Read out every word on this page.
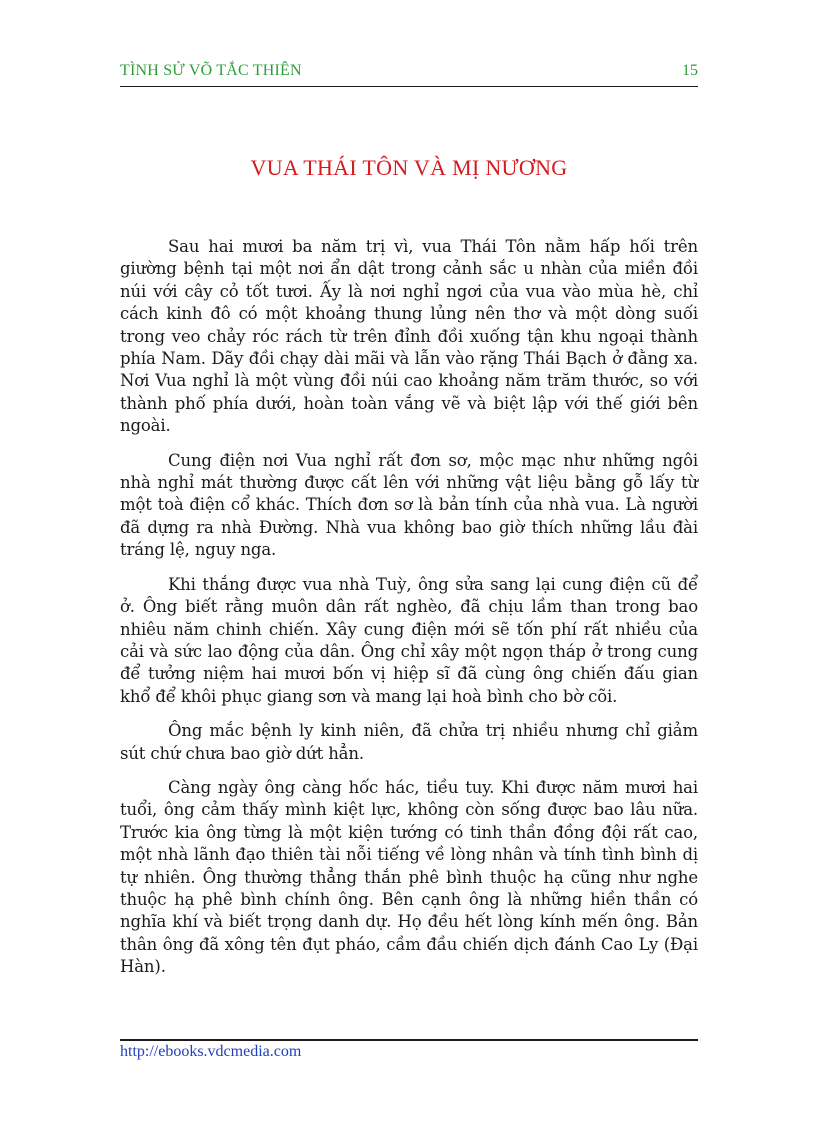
TÌNH SỬ VÕ TẮC THIÊN	15
VUA THÁI TÔN VÀ MỊ NƯƠNG

Sau hai mươi ba năm trị vì, vua Thái Tôn nằm hấp hối trên giường bệnh tại một nơi ẩn dật trong cảnh sắc u nhàn của miền đồi núi với cây cỏ tốt tươi. Ấy là nơi nghỉ ngơi của vua vào mùa hè, chỉ cách kinh đô có một khoảng thung lủng nên thơ và một dòng suối trong veo chảy róc rách từ trên đỉnh đồi xuống tận khu ngoại thành phía Nam. Dãy đồi chạy dài mãi và lẫn vào rặng Thái Bạch ở đằng xa. Nơi Vua nghỉ là một vùng đồi núi cao khoảng năm trăm thước, so với thành phố phía dưới, hoàn toàn vắng vẽ và biệt lập với thế giới bên ngoài.

Cung điện nơi Vua nghỉ rất đơn sơ, mộc mạc như những ngôi nhà nghỉ mát thường được cất lên với những vật liệu bằng gỗ lấy từ một toà điện cổ khác. Thích đơn sơ là bản tính của nhà vua. Là người đã dựng ra nhà Đường. Nhà vua không bao giờ thích những lầu đài tráng lệ, nguy nga.

Khi thắng được vua nhà Tuỳ, ông sửa sang lại cung điện cũ để ở. Ông biết rằng muôn dân rất nghèo, đã chịu lầm than trong bao nhiêu năm chinh chiến. Xây cung điện mới sẽ tốn phí rất nhiều của cải và sức lao động của dân. Ông chỉ xây một ngọn tháp ở trong cung để tưởng niệm hai mươi bốn vị hiệp sĩ đã cùng ông chiến đấu gian khổ để khôi phục giang sơn và mang lại hoà bình cho bờ cõi.

Ông mắc bệnh ly kinh niên, đã chửa trị nhiều nhưng chỉ giảm sút chứ chưa bao giờ dứt hẳn.

Càng ngày ông càng hốc hác, tiều tuy. Khi được năm mươi hai tuổi, ông cảm thấy mình kiệt lực, không còn sống được bao lâu nữa. Trước kia ông từng là một kiện tướng có tinh thần đồng đội rất cao, một nhà lãnh đạo thiên tài nỗi tiếng về lòng nhân và tính tình bình dị tự nhiên. Ông thường thẳng thắn phê bình thuộc hạ cũng như nghe thuộc hạ phê bình chính ông. Bên cạnh ông là những hiền thần có nghĩa khí và biết trọng danh dự. Họ đều hết lòng kính mến ông. Bản thân ông đã xông tên đụt pháo, cầm đầu chiến dịch đánh Cao Ly (Đại Hàn).

http://ebooks.vdcmedia.com
